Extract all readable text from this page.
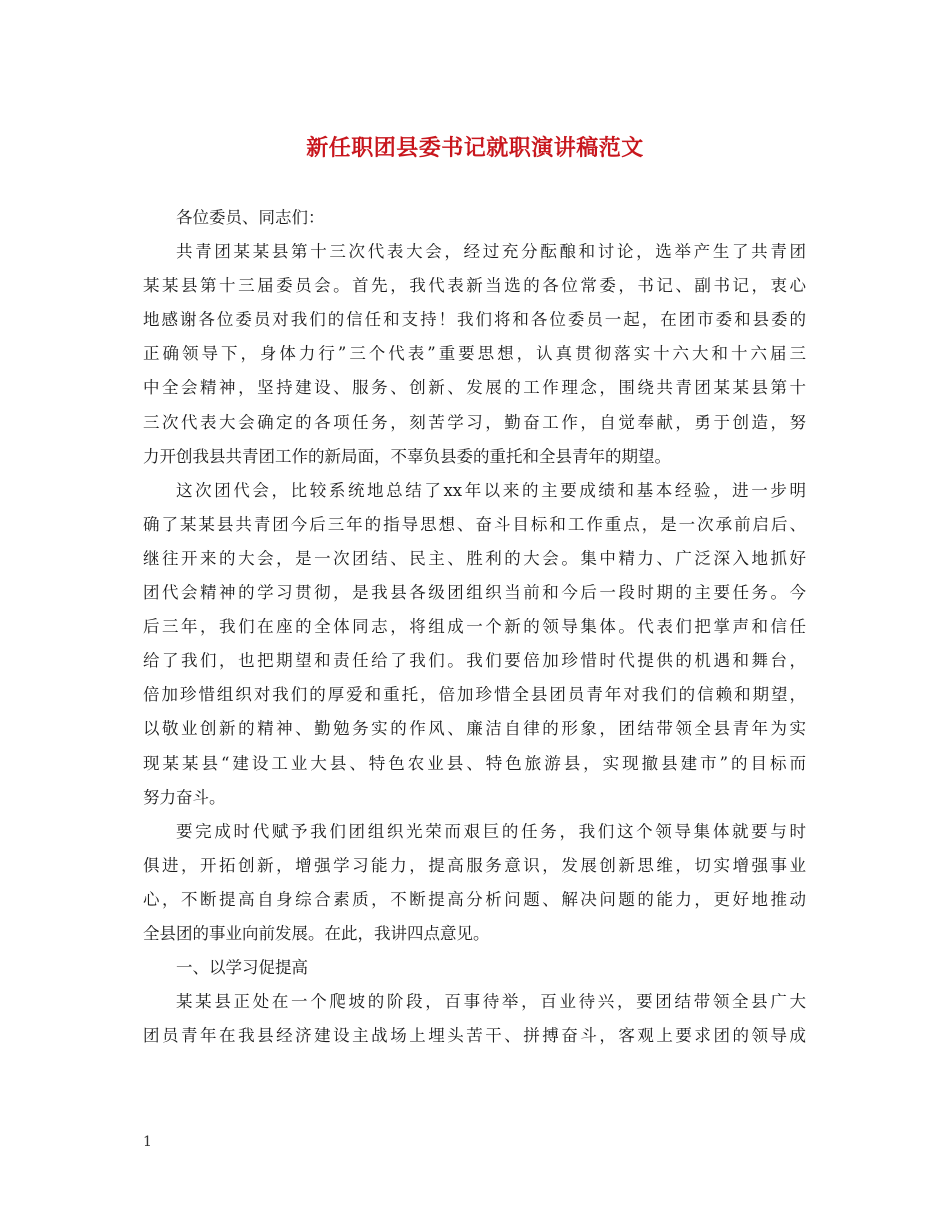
新任职团县委书记就职演讲稿范文
各位委员、同志们：
共青团某某县第十三次代表大会，经过充分酝酿和讨论，选举产生了共青团
某某县第十三届委员会。首先，我代表新当选的各位常委，书记、副书记，衷心
地感谢各位委员对我们的信任和支持！我们将和各位委员一起，在团市委和县委的
正确领导下，身体力行”三个代表”重要思想，认真贯彻落实十六大和十六届三
中全会精神，坚持建设、服务、创新、发展的工作理念，围绕共青团某某县第十
三次代表大会确定的各项任务，刻苦学习，勤奋工作，自觉奉献，勇于创造，努
力开创我县共青团工作的新局面，不辜负县委的重托和全县青年的期望。
这次团代会，比较系统地总结了xx年以来的主要成绩和基本经验，进一步明
确了某某县共青团今后三年的指导思想、奋斗目标和工作重点，是一次承前启后、
继往开来的大会，是一次团结、民主、胜利的大会。集中精力、广泛深入地抓好
团代会精神的学习贯彻，是我县各级团组织当前和今后一段时期的主要任务。今
后三年，我们在座的全体同志，将组成一个新的领导集体。代表们把掌声和信任
给了我们，也把期望和责任给了我们。我们要倍加珍惜时代提供的机遇和舞台，
倍加珍惜组织对我们的厚爱和重托，倍加珍惜全县团员青年对我们的信赖和期望，
以敬业创新的精神、勤勉务实的作风、廉洁自律的形象，团结带领全县青年为实
现某某县“建设工业大县、特色农业县、特色旅游县，实现撤县建市”的目标而
努力奋斗。
要完成时代赋予我们团组织光荣而艰巨的任务，我们这个领导集体就要与时
俱进，开拓创新，增强学习能力，提高服务意识，发展创新思维，切实增强事业
心，不断提高自身综合素质，不断提高分析问题、解决问题的能力，更好地推动
全县团的事业向前发展。在此，我讲四点意见。
一、以学习促提高
某某县正处在一个爬坡的阶段，百事待举，百业待兴，要团结带领全县广大
团员青年在我县经济建设主战场上埋头苦干、拼搏奋斗，客观上要求团的领导成
1
